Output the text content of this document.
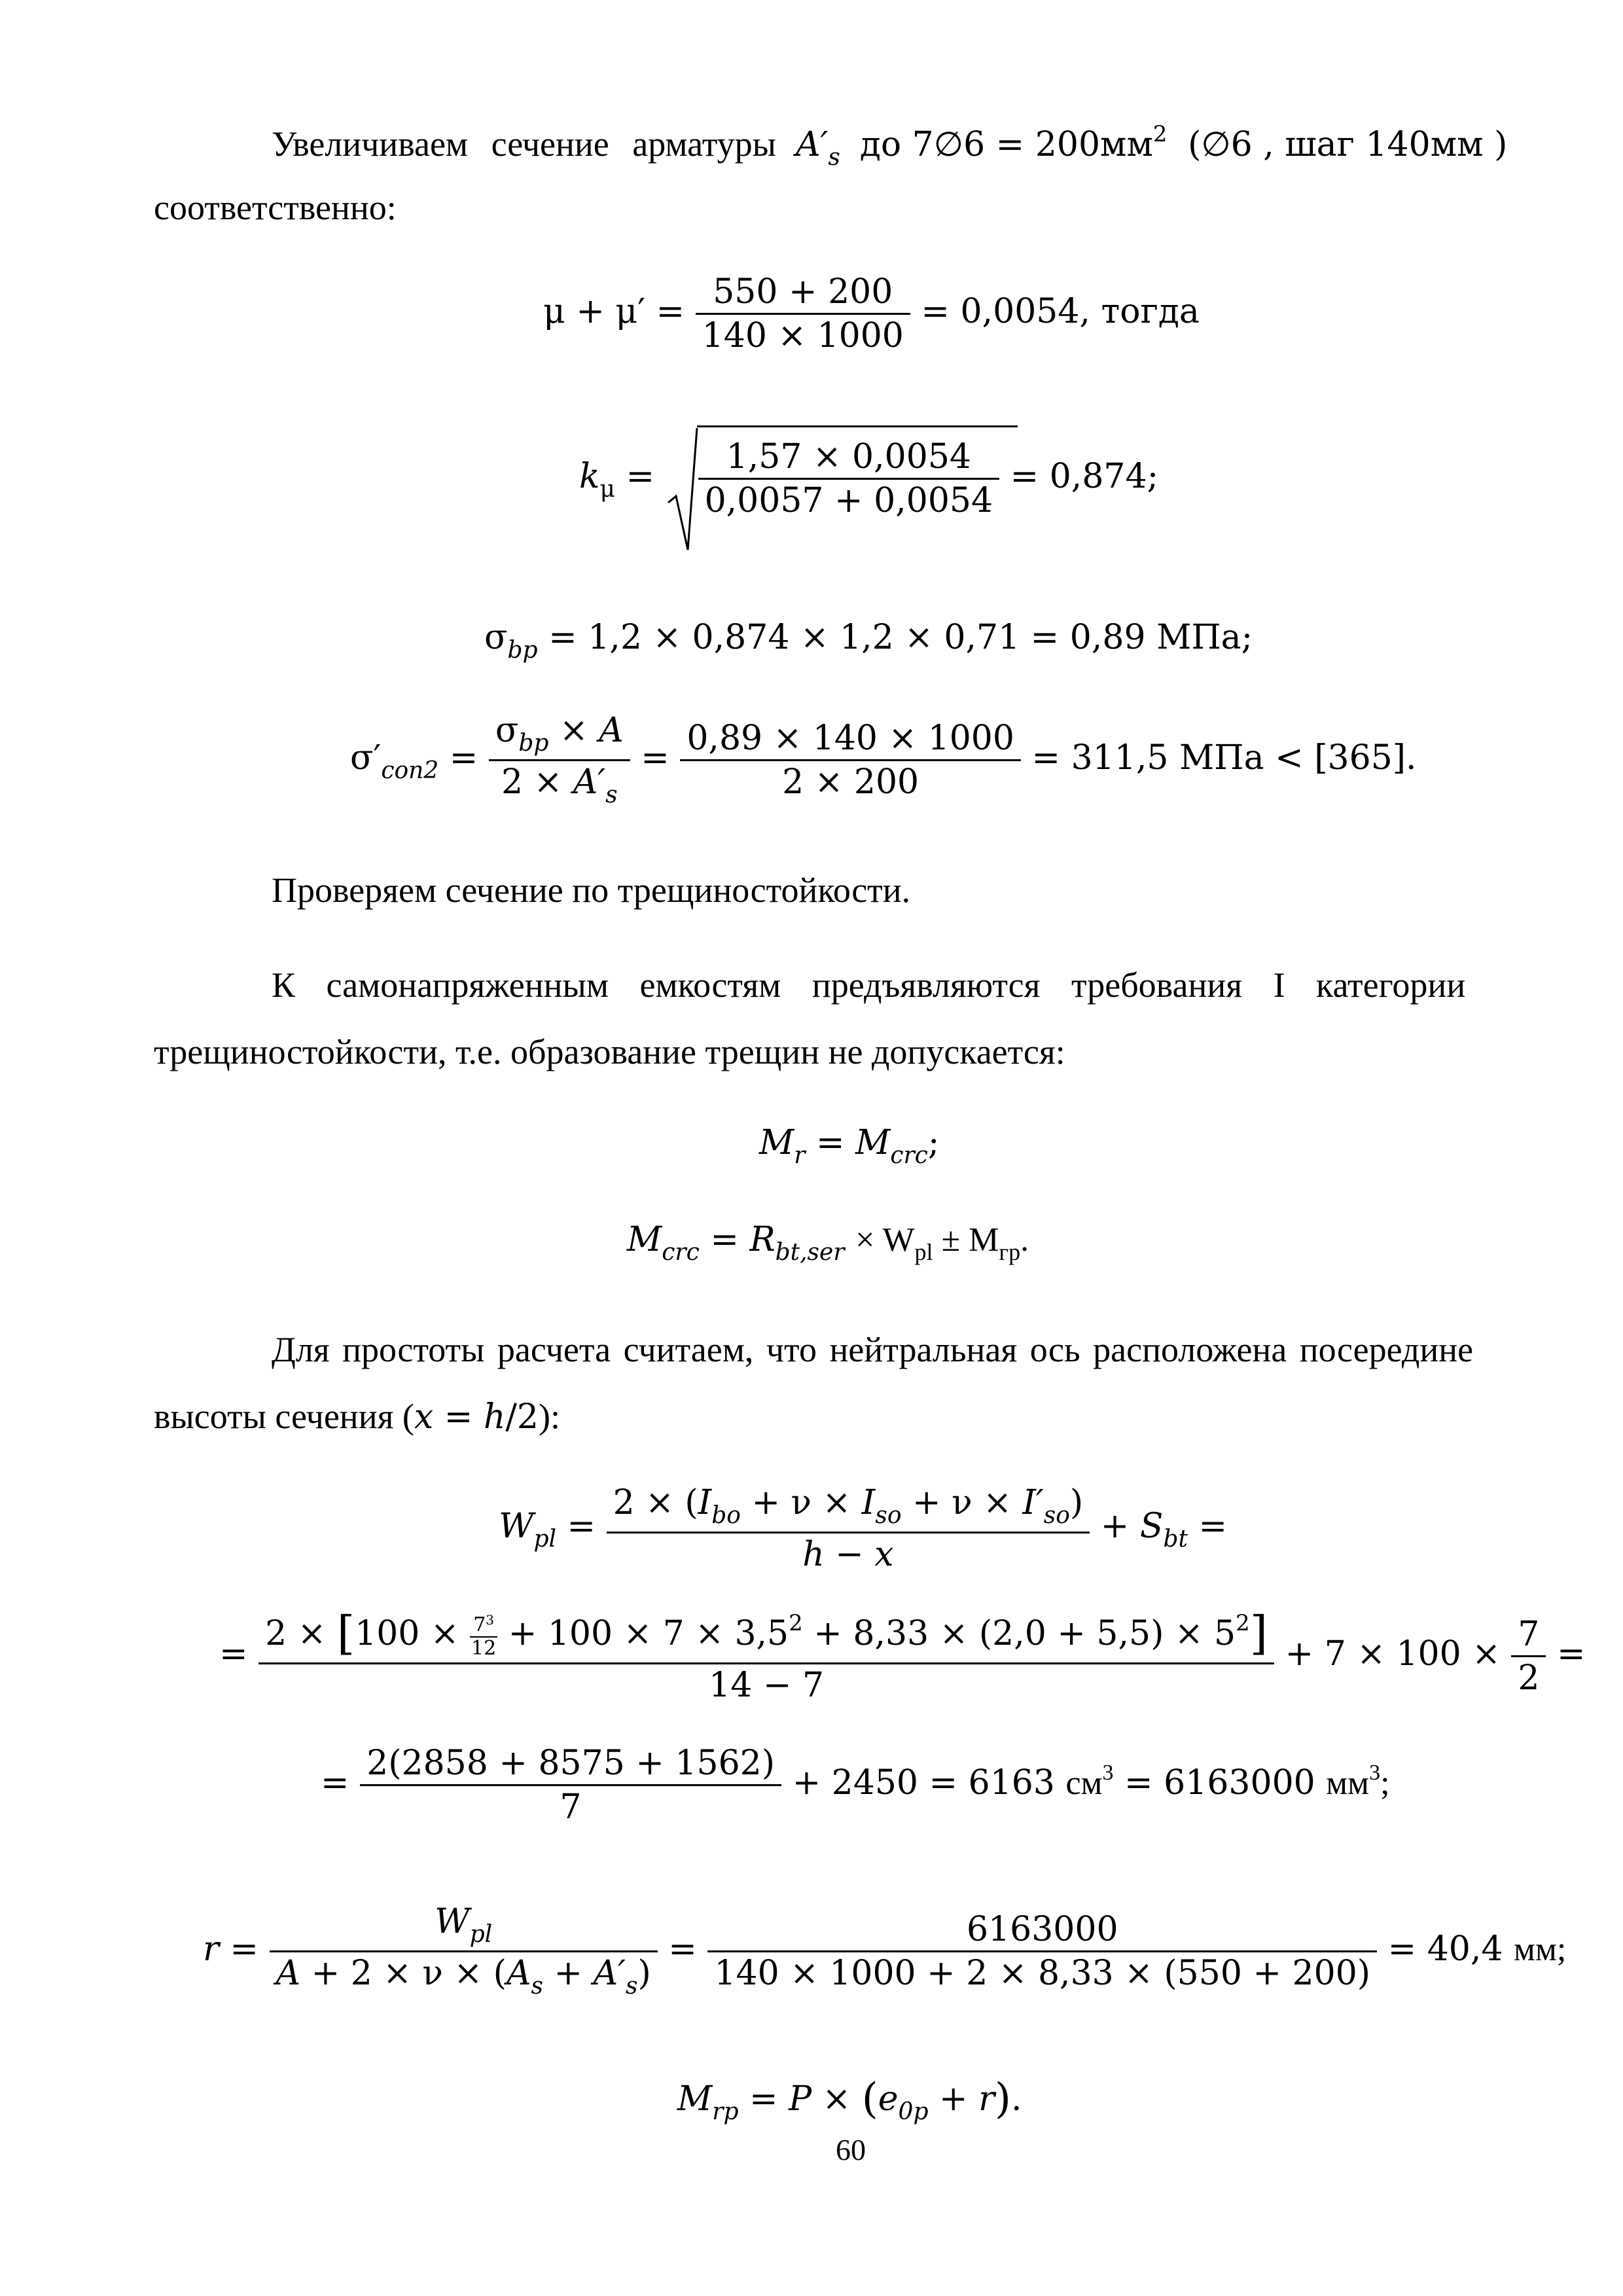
Увеличиваем сечение арматуры  $A'_s$ до 7∅6 = $200мм^2$ (∅6 , шаг 140мм )
соответственно:
$\mu + \mu' = \frac{550 + 200}{140 \times 1000} = 0,0054$, тогда
$k_\mu = \frac{1,57 \times 0,0054}{0,0057 + 0,0054} = 0,874$;
$\sigma_{bp} = 1,2 \times 0,874 \times 1,2 \times 0,71 = 0,89$ МПа;
$\sigma'_{con2} = \frac{\sigma_{bp} \times A}{2 \times A'_s} = \frac{0,89 \times 140 \times 1000}{2 \times 200} = 311,5$ МПа < [365].
Проверяем сечение по трещиностойкости.
К самонапряженным емкостям предъявляются требования I категории
трещиностойкости, т.е. образование трещин не допускается:
$M_r = M_{crc}$;
$M_{crc} = R_{bt,ser} \times W_{pl} \pm M_{гр}$.
Для простоты расчета считаем, что нейтральная ось расположена посередине
высоты сечения (x = h/2):
$W_{pl} = \frac{2 \times (I_{bo} + \nu \times I_{so} + \nu \times I'_{so})}{\text{ℎ − 𝑥}} + S_{bt}$ =
= $\frac{2 \times [100 \times \frac{7^3}{12} + 100 \times 7 \times 3,5^2 + 8,33 \times (2,0 + 5,5) \times 5^2]}{14 - 7} + 7 \times 100 \times \frac{7}{2}$ =
= $\frac{2(2858 + 8575 + 1562)}{7} + 2450 = 6163$ $см^3 = 6163000$ $мм^3$;
$r = \frac{W_{pl}}{A + 2 \times \nu \times (A_s + A'_s)} = \frac{6163000}{140 \times 1000 + 2 \times 8,33 \times (550 + 200)} = 40,4$ мм;
$M_{rp} = P \times (e_{0p} + r)$.
60
